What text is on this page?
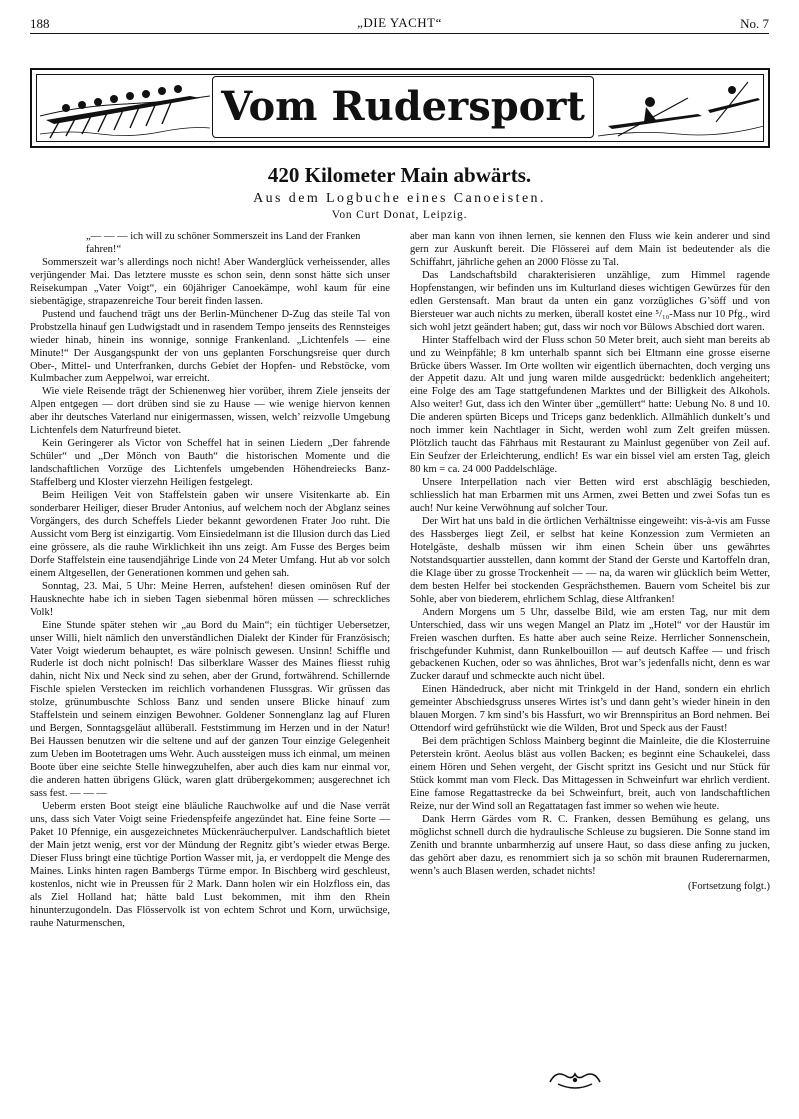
188	„DIE YACHT“	No. 7
Vom Rudersport
420 Kilometer Main abwärts.
Aus dem Logbuche eines Canoeisten.
Von Curt Donat, Leipzig.

„— — — ich will zu schöner Sommerszeit ins Land der Franken fahren!“

Sommerszeit war’s allerdings noch nicht! Aber Wanderglück verheissender, alles verjüngender Mai. Das letztere musste es schon sein, denn sonst hätte sich unser Reisekumpan „Vater Voigt“, ein 60jähriger Canoekämpe, wohl kaum für eine siebentägige, strapazenreiche Tour bereit finden lassen.

Pustend und fauchend trägt uns der Berlin-Münchener D-Zug das steile Tal von Probstzella hinauf gen Ludwigstadt und in rasendem Tempo jenseits des Rennsteiges wieder hinab, hinein ins wonnige, sonnige Frankenland. „Lichtenfels — eine Minute!“ Der Ausgangspunkt der von uns geplanten Forschungsreise quer durch Ober-, Mittel- und Unterfranken, durchs Gebiet der Hopfen- und Rebstöcke, vom Kulmbacher zum Aeppelwoi, war erreicht.

Wie viele Reisende trägt der Schienenweg hier vorüber, ihrem Ziele jenseits der Alpen entgegen — dort drüben sind sie zu Hause — wie wenige hiervon kennen aber ihr deutsches Vaterland nur einigermassen, wissen, welch’ reizvolle Umgebung Lichtenfels dem Naturfreund bietet.

Kein Geringerer als Victor von Scheffel hat in seinen Liedern „Der fahrende Schüler“ und „Der Mönch von Bauth“ die historischen Momente und die landschaftlichen Vorzüge des Lichtenfels umgebenden Höhendreiecks Banz-Staffelberg und Kloster vierzehn Heiligen festgelegt.

Beim Heiligen Veit von Staffelstein gaben wir unsere Visitenkarte ab. Ein sonderbarer Heiliger, dieser Bruder Antonius, auf welchem noch der Abglanz seines Vorgängers, des durch Scheffels Lieder bekannt gewordenen Frater Joo ruht. Die Aussicht vom Berg ist einzigartig. Vom Einsiedelmann ist die Illusion durch das Lied eine grössere, als die rauhe Wirklichkeit ihn uns zeigt. Am Fusse des Berges beim Dorfe Staffelstein eine tausendjährige Linde von 24 Meter Umfang. Hut ab vor solch einem Altgesellen, der Generationen kommen und gehen sah.

Sonntag, 23. Mai, 5 Uhr: Meine Herren, aufstehen! diesen ominösen Ruf der Hausknechte habe ich in sieben Tagen siebenmal hören müssen — schreckliches Volk!

Eine Stunde später stehen wir „au Bord du Main“; ein tüchtiger Uebersetzer, unser Willi, hielt nämlich den unverständlichen Dialekt der Kinder für Französisch; Vater Voigt wiederum behauptet, es wäre polnisch gewesen. Unsinn! Schiffle und Ruderle ist doch nicht polnisch! Das silberklare Wasser des Maines fliesst ruhig dahin, nicht Nix und Neck sind zu sehen, aber der Grund, fortwährend. Schillernde Fischle spielen Verstecken im reichlich vorhandenen Flussgras. Wir grüssen das stolze, grünumbuschte Schloss Banz und senden unsere Blicke hinauf zum Staffelstein und seinem einzigen Bewohner. Goldener Sonnenglanz lag auf Fluren und Bergen, Sonntagsgeläut allüberall. Feststimmung im Herzen und in der Natur! Bei Haussen benutzen wir die seltene und auf der ganzen Tour einzige Gelegenheit zum Ueben im Bootetragen ums Wehr. Auch aussteigen muss ich einmal, um meinen Boote über eine seichte Stelle hinwegzuhelfen, aber auch dies kam nur einmal vor, die anderen hatten übrigens Glück, waren glatt drübergekommen; ausgerechnet ich sass fest. — — —

Ueberm ersten Boot steigt eine bläuliche Rauchwolke auf und die Nase verrät uns, dass sich Vater Voigt seine Friedenspfeife angezündet hat. Eine feine Sorte — Paket 10 Pfennige, ein ausgezeichnetes Mückenräucherpulver. Landschaftlich bietet der Main jetzt wenig, erst vor der Mündung der Regnitz gibt’s wieder etwas Berge. Dieser Fluss bringt eine tüchtige Portion Wasser mit, ja, er verdoppelt die Menge des Maines. Links hinten ragen Bambergs Türme empor. In Bischberg wird geschleust, kostenlos, nicht wie in Preussen für 2 Mark. Dann holen wir ein Holzfloss ein, das als Ziel Holland hat; hätte bald Lust bekommen, mit ihm den Rhein hinunterzugondeln. Das Flösservolk ist von echtem Schrot und Korn, urwüchsige, rauhe Naturmenschen,

aber man kann von ihnen lernen, sie kennen den Fluss wie kein anderer und sind gern zur Auskunft bereit. Die Flösserei auf dem Main ist bedeutender als die Schiffahrt, jährliche gehen an 2000 Flösse zu Tal.

Das Landschaftsbild charakterisieren unzählige, zum Himmel ragende Hopfenstangen, wir befinden uns im Kulturland dieses wichtigen Gewürzes für den edlen Gerstensaft. Man braut da unten ein ganz vorzügliches G’söff und von Biersteuer war auch nichts zu merken, überall kostet eine ⁵/₁₀-Mass nur 10 Pfg., wird sich wohl jetzt geändert haben; gut, dass wir noch vor Bülows Abschied dort waren.

Hinter Staffelbach wird der Fluss schon 50 Meter breit, auch sieht man bereits ab und zu Weinpfähle; 8 km unterhalb spannt sich bei Eltmann eine grosse eiserne Brücke übers Wasser. Im Orte wollten wir eigentlich übernachten, doch verging uns der Appetit dazu. Alt und jung waren milde ausgedrückt: bedenklich angeheitert; eine Folge des am Tage stattgefundenen Marktes und der Billigkeit des Alkohols. Also weiter! Gut, dass ich den Winter über „gemüllert“ hatte: Uebung No. 8 und 10. Die anderen spürten Biceps und Triceps ganz bedenklich. Allmählich dunkelt’s und noch immer kein Nachtlager in Sicht, werden wohl zum Zelt greifen müssen. Plötzlich taucht das Fährhaus mit Restaurant zu Mainlust gegenüber von Zeil auf. Ein Seufzer der Erleichterung, endlich! Es war ein bissel viel am ersten Tag, gleich 80 km = ca. 24 000 Paddelschläge.

Unsere Interpellation nach vier Betten wird erst abschlägig beschieden, schliesslich hat man Erbarmen mit uns Armen, zwei Betten und zwei Sofas tun es auch! Nur keine Verwöhnung auf solcher Tour.

Der Wirt hat uns bald in die örtlichen Verhältnisse eingeweiht: vis-à-vis am Fusse des Hassberges liegt Zeil, er selbst hat keine Konzession zum Vermieten an Hotelgäste, deshalb müssen wir ihm einen Schein über uns gewährtes Notstandsquartier ausstellen, dann kommt der Stand der Gerste und Kartoffeln dran, die Klage über zu grosse Trockenheit — — na, da waren wir glücklich beim Wetter, dem besten Helfer bei stockenden Gesprächsthemen. Bauern vom Scheitel bis zur Sohle, aber von biederem, ehrlichem Schlag, diese Altfranken!

Andern Morgens um 5 Uhr, dasselbe Bild, wie am ersten Tag, nur mit dem Unterschied, dass wir uns wegen Mangel an Platz im „Hotel“ vor der Haustür im Freien waschen durften. Es hatte aber auch seine Reize. Herrlicher Sonnenschein, frischgefunder Kuhmist, dann Runkelbouillon — auf deutsch Kaffee — und frisch gebackenen Kuchen, oder so was ähnliches, Brot war’s jedenfalls nicht, denn es war Zucker darauf und schmeckte auch nicht übel.

Einen Händedruck, aber nicht mit Trinkgeld in der Hand, sondern ein ehrlich gemeinter Abschiedsgruss unseres Wirtes ist’s und dann geht’s wieder hinein in den blauen Morgen. 7 km sind’s bis Hassfurt, wo wir Brennspiritus an Bord nehmen. Bei Ottendorf wird gefrühstückt wie die Wilden, Brot und Speck aus der Faust!

Bei dem prächtigen Schloss Mainberg beginnt die Mainleite, die die Klosterruine Peterstein krönt. Aeolus bläst aus vollen Backen; es beginnt eine Schaukelei, dass einem Hören und Sehen vergeht, der Gischt spritzt ins Gesicht und nur Stück für Stück kommt man vom Fleck. Das Mittagessen in Schweinfurt war ehrlich verdient. Eine famose Regattastrecke da bei Schweinfurt, breit, auch von landschaftlichen Reize, nur der Wind soll an Regattatagen fast immer so wehen wie heute.

Dank Herrn Gärdes vom R. C. Franken, dessen Bemühung es gelang, uns möglichst schnell durch die hydraulische Schleuse zu bugsieren. Die Sonne stand im Zenith und brannte unbarmherzig auf unsere Haut, so dass diese anfing zu jucken, das gehört aber dazu, es renommiert sich ja so schön mit braunen Ruderernarmen, wenn’s auch Blasen werden, schadet nichts!

(Fortsetzung folgt.)
